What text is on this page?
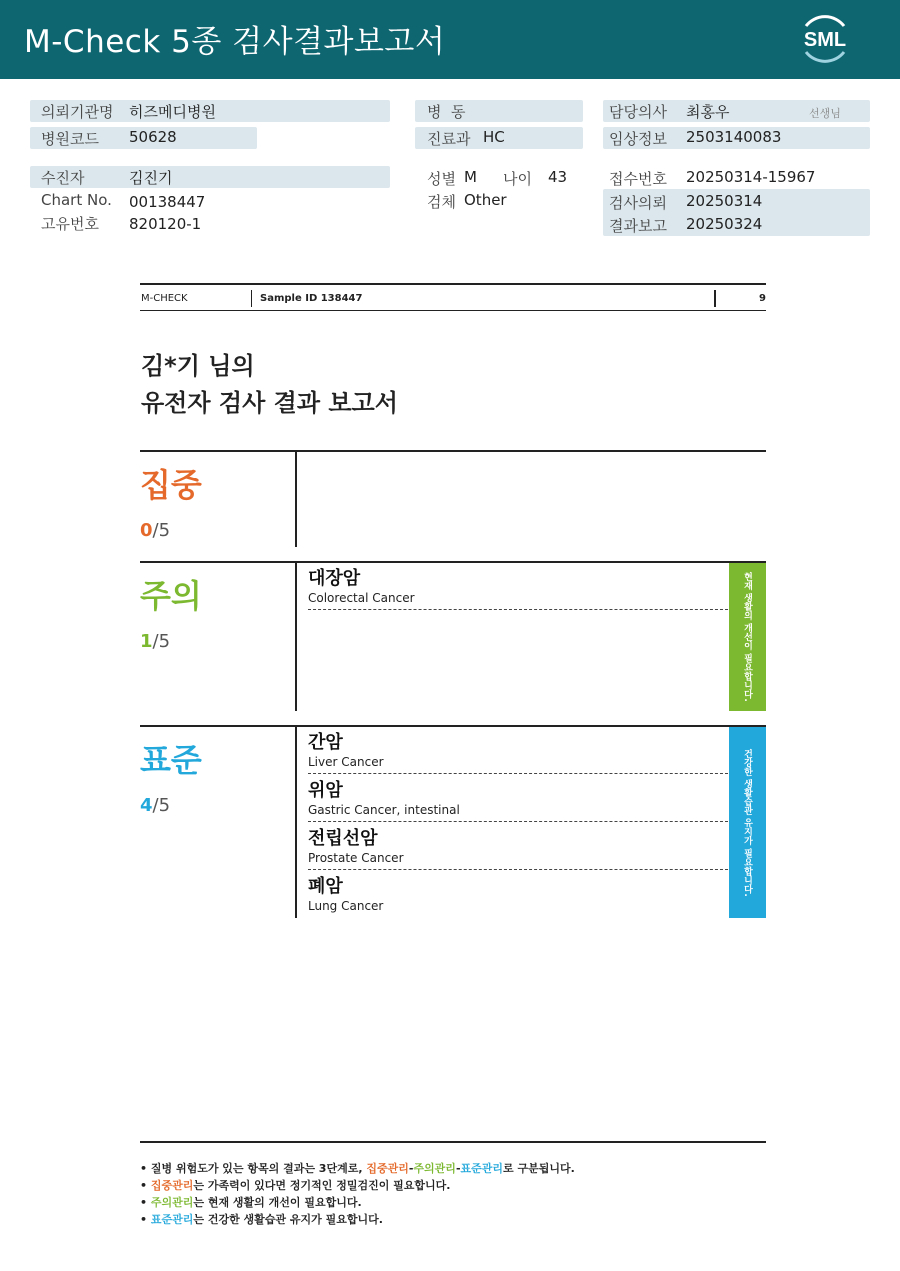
M-Check 5종 검사결과보고서	SML
의뢰기관명 히즈메디병원
병원코드 50628
병  동
진료과 HC
담당의사 최홍우	선생님
임상정보 2503140083
수진자	김진기
Chart No. 00138447
고유번호 820120-1
성별 M 나이 43
검체 Other
접수번호 20250314-15967
검사의뢰 20250314
결과보고 20250324
M-CHECK	Sample ID 138447	9
김*기 님의
유전자 검사 결과 보고서
집중
0/5
주의
1/5
대장암
Colorectal Cancer	현재 생활의 개선이 필요합니다.
표준
4/5
간암
Liver Cancer
위암
Gastric Cancer, intestinal
전립선암
Prostate Cancer
폐암
Lung Cancer
건강한 생활습관 유지가 필요합니다.
• 질병 위험도가 있는 항목의 결과는 3단계로, 집중관리-주의관리-표준관리로 구분됩니다.
• 집중관리는 가족력이 있다면 정기적인 정밀검진이 필요합니다.
• 주의관리는 현재 생활의 개선이 필요합니다.
• 표준관리는 건강한 생활습관 유지가 필요합니다.
